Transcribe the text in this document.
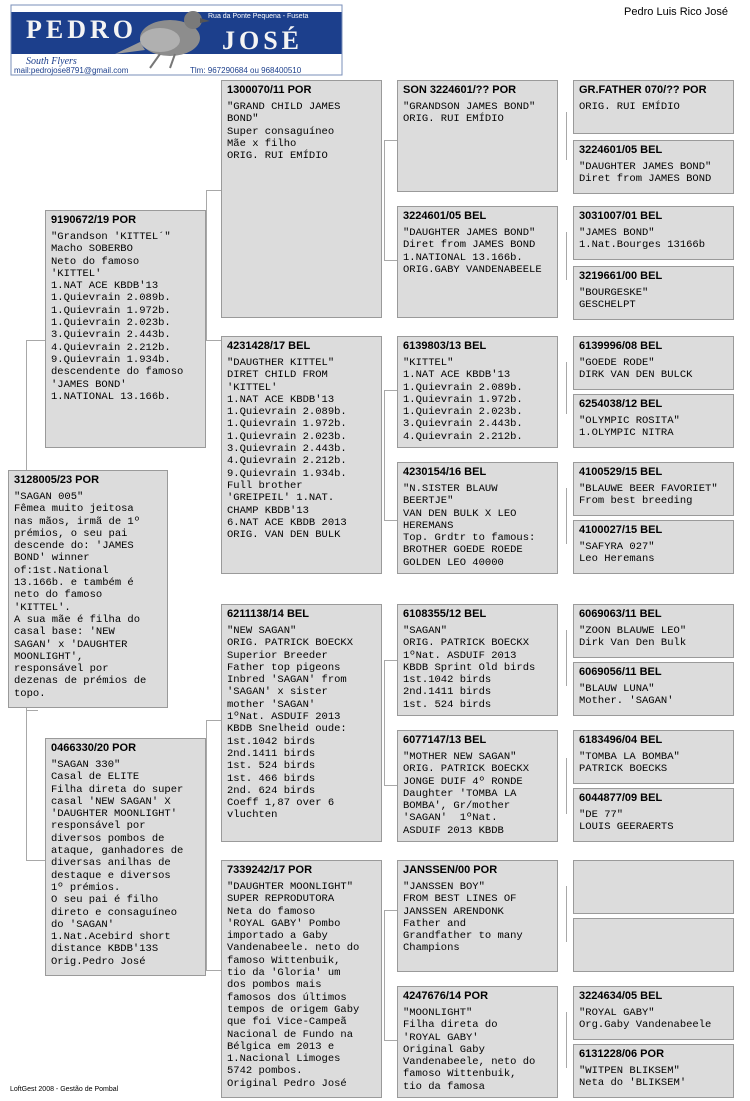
PEDRO	JOSÉ
Rua da Ponte Pequena - Fuseta
South Flyers
mail:pedrojose8791@gmail.com	Tlm: 967290684 ou 968400510
Pedro Luis Rico José
3128005/23 POR
"SAGAN 005"
Fêmea muito jeitosa
nas mãos, irmã de 1º
prémios, o seu pai
descende do: 'JAMES
BOND' winner
of:1st.National
13.166b. e também é
neto do famoso
'KITTEL'.
A sua mãe é filha do
casal base: 'NEW
SAGAN' x 'DAUGHTER
MOONLIGHT',
responsável por
dezenas de prémios de
topo.
9190672/19 POR
"Grandson 'KITTEL´"
Macho SOBERBO
Neto do famoso
'KITTEL'
1.NAT ACE KBDB'13
1.Quievrain 2.089b.
1.Quievrain 1.972b.
1.Quievrain 2.023b.
3.Quievrain 2.443b.
4.Quievrain 2.212b.
9.Quievrain 1.934b.
descendente do famoso
'JAMES BOND'
1.NATIONAL 13.166b.
0466330/20 POR
"SAGAN 330"
Casal de ELITE
Filha direta do super
casal 'NEW SAGAN' X
'DAUGHTER MOONLIGHT'
responsável por
diversos pombos de
ataque, ganhadores de
diversas anilhas de
destaque e diversos
1º prémios.
O seu pai é filho
direto e consaguíneo
do 'SAGAN'
1.Nat.Acebird short
distance KBDB'13S
Orig.Pedro José
1300070/11 POR
"GRAND CHILD JAMES
BOND"
Super consaguíneo
Mãe x filho
ORIG. RUI EMÍDIO
4231428/17 BEL
"DAUGTHER KITTEL"
DIRET CHILD FROM
'KITTEL'
1.NAT ACE KBDB'13
1.Quievrain 2.089b.
1.Quievrain 1.972b.
1.Quievrain 2.023b.
3.Quievrain 2.443b.
4.Quievrain 2.212b.
9.Quievrain 1.934b.
Full brother
'GREIPEIL' 1.NAT.
CHAMP KBDB'13
6.NAT ACE KBDB 2013
ORIG. VAN DEN BULK
6211138/14 BEL
"NEW SAGAN"
ORIG. PATRICK BOECKX
Superior Breeder
Father top pigeons
Inbred 'SAGAN' from
'SAGAN' x sister
mother 'SAGAN'
1ºNat. ASDUIF 2013
KBDB Snelheid oude:
1st.1042 birds
2nd.1411 birds
1st. 524 birds
1st. 466 birds
2nd. 624 birds
Coeff 1,87 over 6
vluchten
7339242/17 POR
"DAUGHTER MOONLIGHT"
SUPER REPRODUTORA
Neta do famoso
'ROYAL GABY' Pombo
importado a Gaby
Vandenabeele. neto do
famoso Wittenbuik,
tio da 'Gloria' um
dos pombos mais
famosos dos últimos
tempos de origem Gaby
que foi Vice-Campeã
Nacional de Fundo na
Bélgica em 2013 e
1.Nacional Limoges
5742 pombos.
Original Pedro José
SON 3224601/?? POR
"GRANDSON JAMES BOND"
ORIG. RUI EMÍDIO
3224601/05 BEL
"DAUGHTER JAMES BOND"
Diret from JAMES BOND
1.NATIONAL 13.166b.
ORIG.GABY VANDENABEELE
6139803/13 BEL
"KITTEL"
1.NAT ACE KBDB'13
1.Quievrain 2.089b.
1.Quievrain 1.972b.
1.Quievrain 2.023b.
3.Quievrain 2.443b.
4.Quievrain 2.212b.
4230154/16 BEL
"N.SISTER BLAUW
BEERTJE"
VAN DEN BULK X LEO
HEREMANS
Top. Grdtr to famous:
BROTHER GOEDE ROEDE
GOLDEN LEO 40000
6108355/12 BEL
"SAGAN"
ORIG. PATRICK BOECKX
1ºNat. ASDUIF 2013
KBDB Sprint Old birds
1st.1042 birds
2nd.1411 birds
1st. 524 birds
6077147/13 BEL
"MOTHER NEW SAGAN"
ORIG. PATRICK BOECKX
JONGE DUIF 4º RONDE
Daughter 'TOMBA LA
BOMBA', Gr/mother
'SAGAN'  1ºNat.
ASDUIF 2013 KBDB
JANSSEN/00 POR
"JANSSEN BOY"
FROM BEST LINES OF
JANSSEN ARENDONK
Father and
Grandfather to many
Champions
4247676/14 POR
"MOONLIGHT"
Filha direta do
'ROYAL GABY'
Original Gaby
Vandenabeele, neto do
famoso Wittenbuik,
tio da famosa
GR.FATHER 070/?? POR
ORIG. RUI EMÍDIO
3224601/05 BEL
"DAUGHTER JAMES BOND"
Diret from JAMES BOND
3031007/01 BEL
"JAMES BOND"
1.Nat.Bourges 13166b
3219661/00 BEL
"BOURGESKE"
GESCHELPT
6139996/08 BEL
"GOEDE RODE"
DIRK VAN DEN BULCK
6254038/12 BEL
"OLYMPIC ROSITA"
1.OLYMPIC NITRA
4100529/15 BEL
"BLAUWE BEER FAVORIET"
From best breeding
4100027/15 BEL
"SAFYRA 027"
Leo Heremans
6069063/11 BEL
"ZOON BLAUWE LEO"
Dirk Van Den Bulk
6069056/11 BEL
"BLAUW LUNA"
Mother. 'SAGAN'
6183496/04 BEL
"TOMBA LA BOMBA"
PATRICK BOECKS
6044877/09 BEL
"DE 77"
LOUIS GEERAERTS
3224634/05 BEL
"ROYAL GABY"
Org.Gaby Vandenabeele
6131228/06 POR
"WITPEN BLIKSEM"
Neta do 'BLIKSEM'
LoftGest 2008 - Gestão de Pombal
